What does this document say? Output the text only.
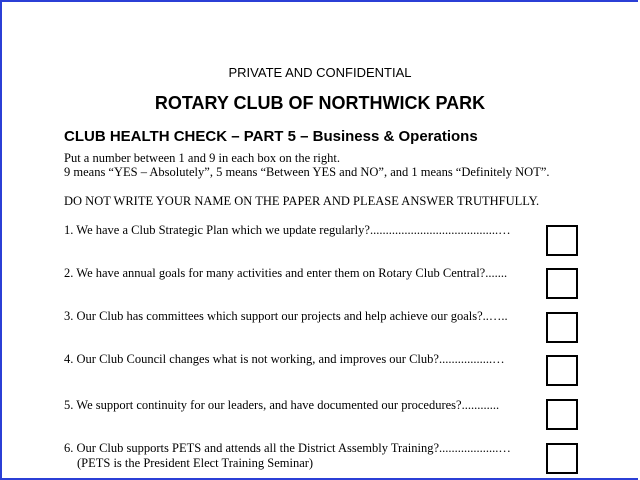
PRIVATE AND CONFIDENTIAL
ROTARY CLUB OF NORTHWICK PARK
CLUB HEALTH CHECK – PART 5 – Business & Operations
Put a number between 1 and 9 in each box on the right.
9 means “YES – Absolutely”, 5 means “Between YES and NO”, and 1 means “Definitely NOT”.
DO NOT WRITE YOUR NAME ON THE PAPER AND PLEASE ANSWER TRUTHFULLY.
1. We have a Club Strategic Plan which we update regularly?.........................................…
2. We have annual goals for many activities and enter them on Rotary Club Central?.......
3. Our Club has committees which support our projects and help achieve our goals?..…..
4. Our Club Council changes what is not working, and improves our Club?.................…
5. We support continuity for our leaders, and have documented our procedures?............
6. Our Club supports PETS and attends all the District Assembly Training?...................…
(PETS is the President Elect Training Seminar)
